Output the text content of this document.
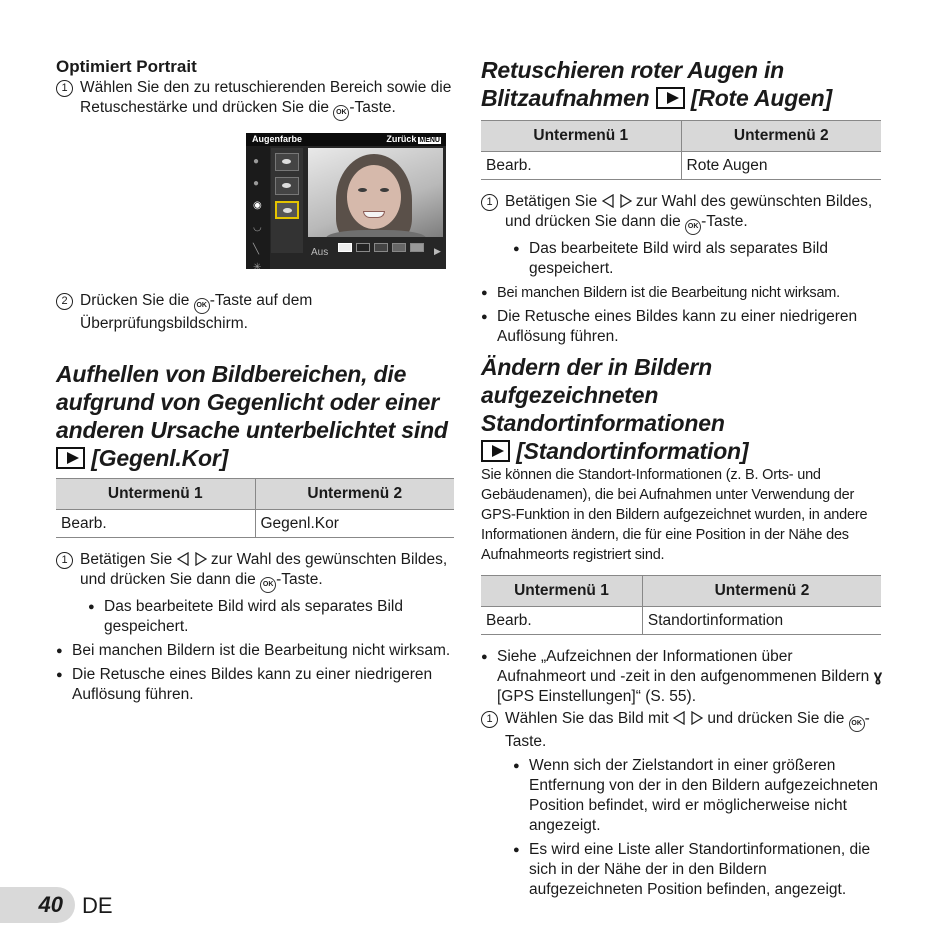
Optimiert Portrait
1 Wählen Sie den zu retuschierenden Bereich sowie die Retuschestärke und drücken Sie die OK -Taste.
Augenfarbe	Zurück MENU
●
●
◉
◡
╲
✳
Aus	▶
2 Drücken Sie die OK -Taste auf dem Überprüfungsbildschirm.
Aufhellen von Bildbereichen, die aufgrund von Gegenlicht oder einer anderen Ursache unterbelichtet sind  [Gegenl.Kor]
Untermenü 1	Untermenü 2
Bearb.	Gegenl.Kor
1 Betätigen Sie zur Wahl des gewünschten Bildes, und drücken Sie dann die OK -Taste.
● Das bearbeitete Bild wird als separates Bild gespeichert.
● Bei manchen Bildern ist die Bearbeitung nicht wirksam.
● Die Retusche eines Bildes kann zu einer niedrigeren Auflösung führen.
Retuschieren roter Augen in Blitzaufnahmen [Rote Augen]
Untermenü 1	Untermenü 2
Bearb.	Rote Augen
1 Betätigen Sie zur Wahl des gewünschten Bildes, und drücken Sie dann die OK -Taste.
● Das bearbeitete Bild wird als separates Bild gespeichert.
● Bei manchen Bildern ist die Bearbeitung nicht wirksam.
● Die Retusche eines Bildes kann zu einer niedrigeren Auflösung führen.
Ändern der in Bildern aufgezeichneten Standortinformationen
[Standortinformation]
Sie können die Standort-Informationen (z. B. Orts- und Gebäudenamen), die bei Aufnahmen unter Verwendung der GPS-Funktion in den Bildern aufgezeichnet wurden, in andere Informationen ändern, die für eine Position in der Nähe des Aufnahmeorts registriert sind.
Untermenü 1	Untermenü 2
Bearb.	Standortinformation
● Siehe „Aufzeichnen der Informationen über Aufnahmeort und -zeit in den aufgenommenen Bildern ɣ [GPS Einstellungen]“ (S. 55).
1 Wählen Sie das Bild mit und drücken Sie die OK -Taste.
● Wenn sich der Zielstandort in einer größeren Entfernung von der in den Bildern aufgezeichneten Position befindet, wird er möglicherweise nicht angezeigt.
● Es wird eine Liste aller Standortinformationen, die sich in der Nähe der in den Bildern aufgezeichneten Position befinden, angezeigt.
40 DE
